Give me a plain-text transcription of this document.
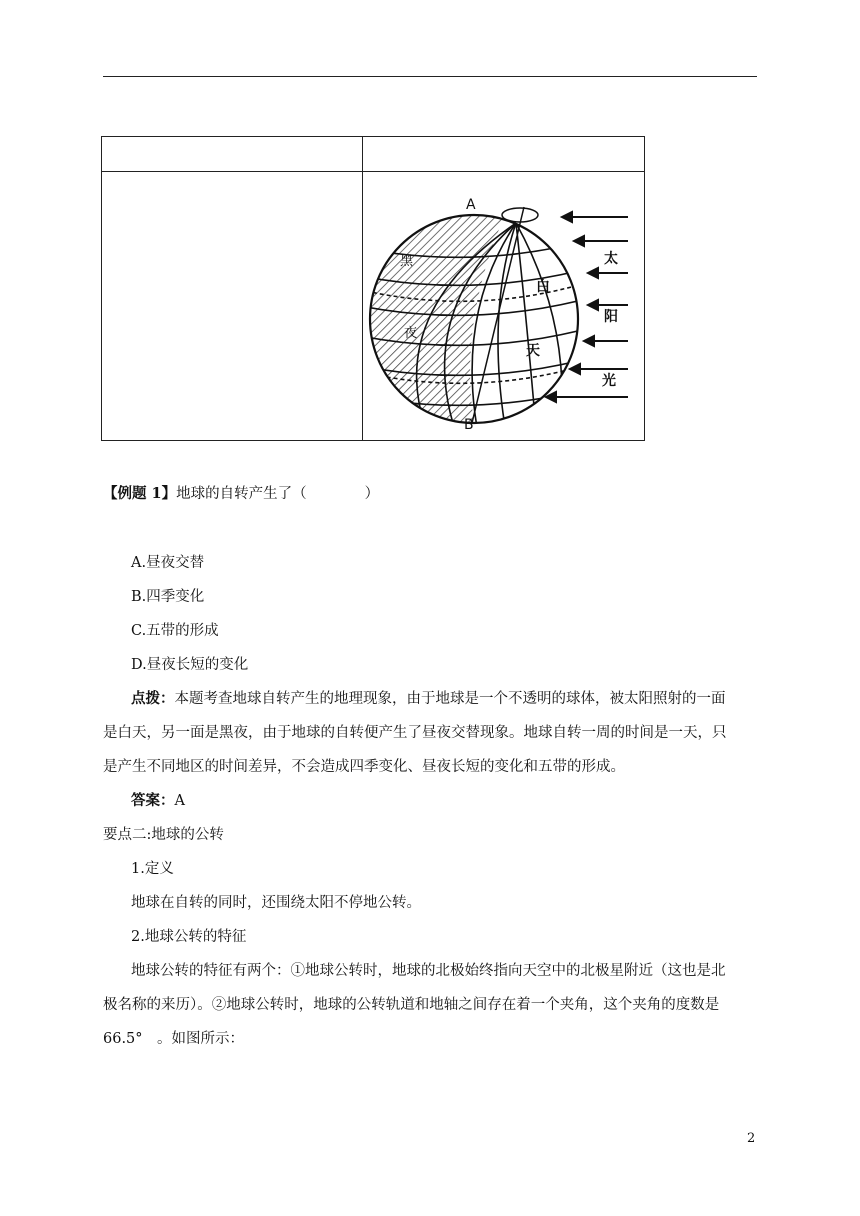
A
B
黑
夜
白
天
太
阳
光
【例题 1】地球的自转产生了（　　　　）
A.昼夜交替
B.四季变化
C.五带的形成
D.昼夜长短的变化
点拨：本题考查地球自转产生的地理现象，由于地球是一个不透明的球体，被太阳照射的一面
是白天，另一面是黑夜，由于地球的自转便产生了昼夜交替现象。地球自转一周的时间是一天，只
是产生不同地区的时间差异，不会造成四季变化、昼夜长短的变化和五带的形成。
答案：A
要点二:地球的公转
1.定义
地球在自转的同时，还围绕太阳不停地公转。
2.地球公转的特征
地球公转的特征有两个：①地球公转时，地球的北极始终指向天空中的北极星附近（这也是北
极名称的来历）。②地球公转时，地球的公转轨道和地轴之间存在着一个夹角，这个夹角的度数是
66.5°　。如图所示：
2
